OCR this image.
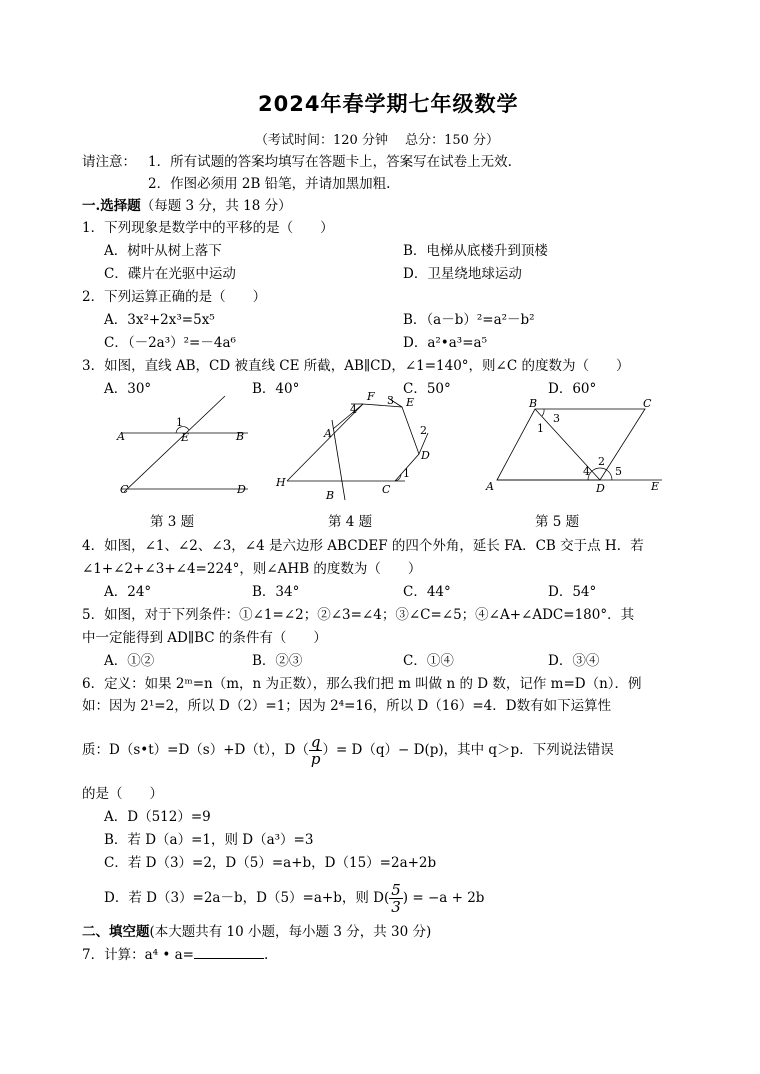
2024年春学期七年级数学
（考试时间：120 分钟　 总分：150 分）
请注意： 1．所有试题的答案均填写在答题卡上，答案写在试卷上无效.
2．作图必须用 2B 铅笔，并请加黑加粗.
一.选择题（每题 3 分，共 18 分）
1．下列现象是数学中的平移的是（　　）
A．树叶从树上落下	B．电梯从底楼升到顶楼
C．碟片在光驱中运动	D．卫星绕地球运动
2．下列运算正确的是（　　）
A．3x²+2x³=5x⁵	B．（a－b）²=a²－b²
C．（－2a³）²=－4a⁶	D．a²•a³=a⁵
3．如图，直线 AB，CD 被直线 CE 所截，AB∥CD，∠1=140°，则∠C 的度数为（　　）
A．30°	B．40°	C．50°	D．60°
A	B
C	D
E
1
H
B	C
A
F	E
D
1
2
3
4
A
B	C
D	E
1
2
3
4 5
第 3 题	第 4 题	第 5 题
4．如图，∠1、∠2、∠3，∠4 是六边形 ABCDEF 的四个外角，延长 FA．CB 交于点 H．若
∠1+∠2+∠3+∠4=224°，则∠AHB 的度数为（　　）
A．24°	B．34°	C．44°	D．54°
5．如图，对于下列条件：①∠1=∠2；②∠3=∠4；③∠C=∠5；④∠A+∠ADC=180°．其
中一定能得到 AD∥BC 的条件有（　　）
A．①②	B．②③	C．①④	D．③④
6．定义：如果 2ᵐ=n（m，n 为正数），那么我们把 m 叫做 n 的 D 数，记作 m=D（n）．例
如：因为 2¹=2，所以 D（2）=1；因为 2⁴=16，所以 D（16）=4．D数有如下运算性
质：D（s•t）=D（s）+D（t），$D( \frac{q}{p}$ ）= D（q）− D(p)，其中 q＞p．下列说法错误
的是（　　）
A．D（512）=9
B．若 D（a）=1，则 D（a³）=3
C．若 D（3）=2，D（5）=a+b，D（15）=2a+2b
D．若 D（3）=2a－b，D（5）=a+b，则 $D( \frac{5}{3}$ ) = −a + 2b
二、填空题(本大题共有 10 小题，每小题 3 分，共 30 分)
7．计算：a⁴ • a=	.
